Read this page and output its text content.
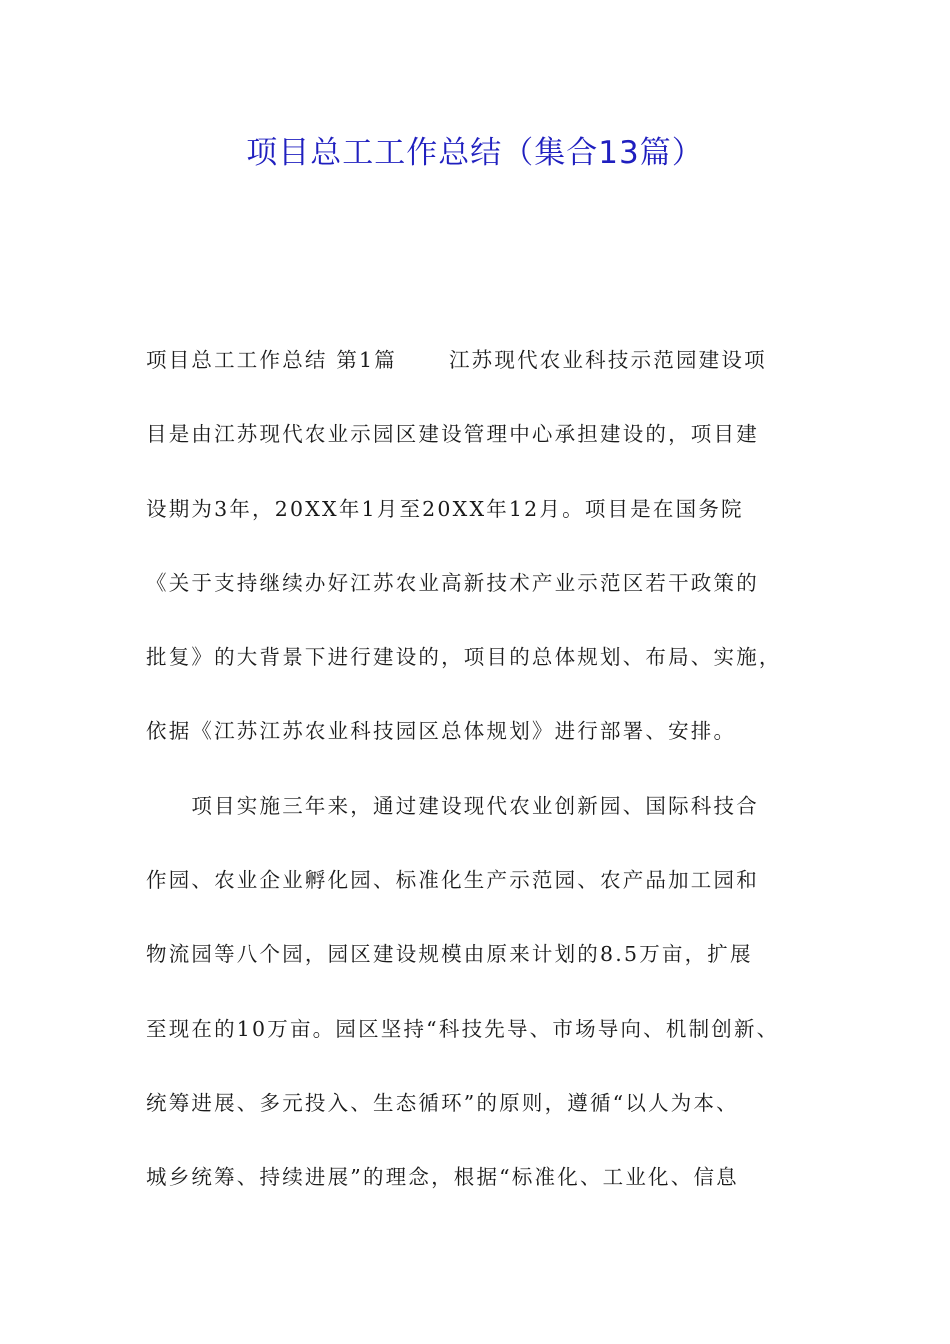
项目总工工作总结（集合13篇）
项目总工工作总结 第1篇	江苏现代农业科技示范园建设项
目是由江苏现代农业示园区建设管理中心承担建设的，项目建
设期为3年，20XX年1月至20XX年12月。项目是在国务院
《关于支持继续办好江苏农业高新技术产业示范区若干政策的
批复》的大背景下进行建设的，项目的总体规划、布局、实施，
依据《江苏江苏农业科技园区总体规划》进行部署、安排。
　　项目实施三年来，通过建设现代农业创新园、国际科技合
作园、农业企业孵化园、标准化生产示范园、农产品加工园和
物流园等八个园，园区建设规模由原来计划的8.5万亩，扩展
至现在的10万亩。园区坚持“科技先导、市场导向、机制创新、
统筹进展、多元投入、生态循环”的原则，遵循“以人为本、
城乡统筹、持续进展”的理念，根据“标准化、工业化、信息
